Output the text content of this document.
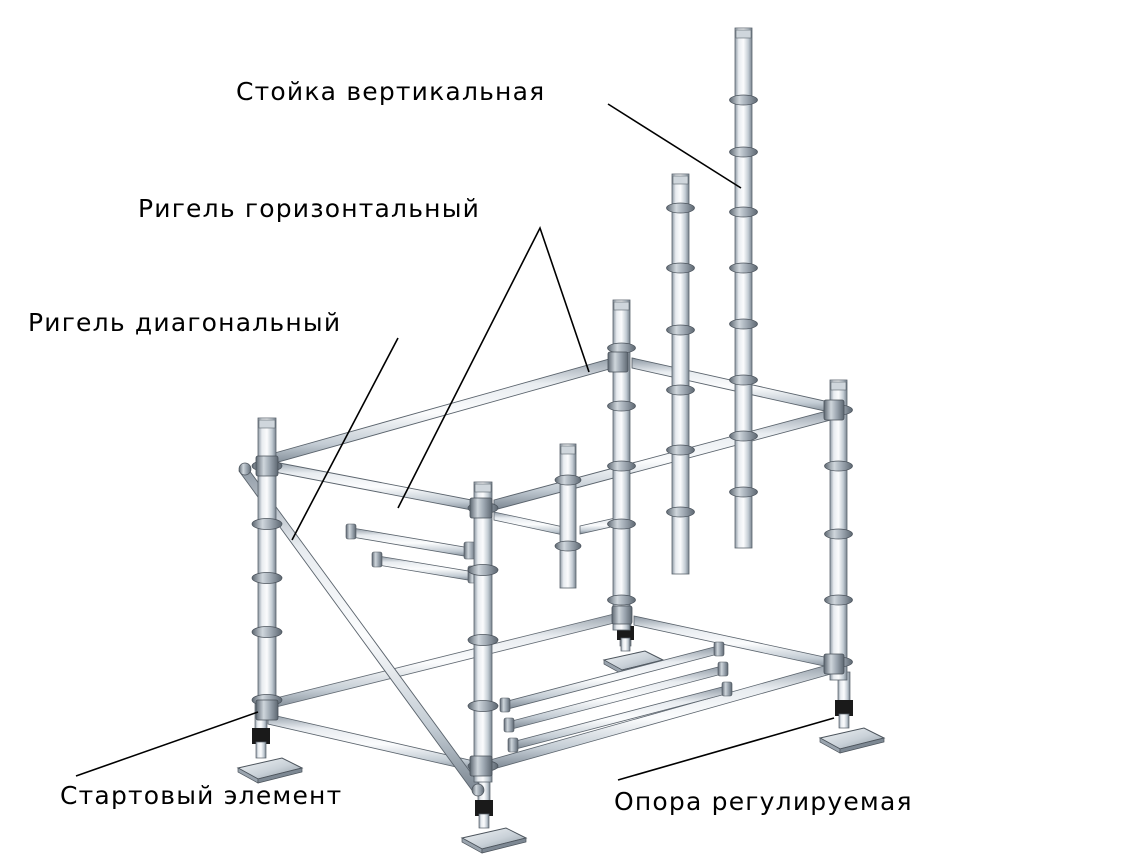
Стойка вертикальная
Ригель горизонтальный
Ригель диагональный
Стартовый элемент	Опора регулируемая
